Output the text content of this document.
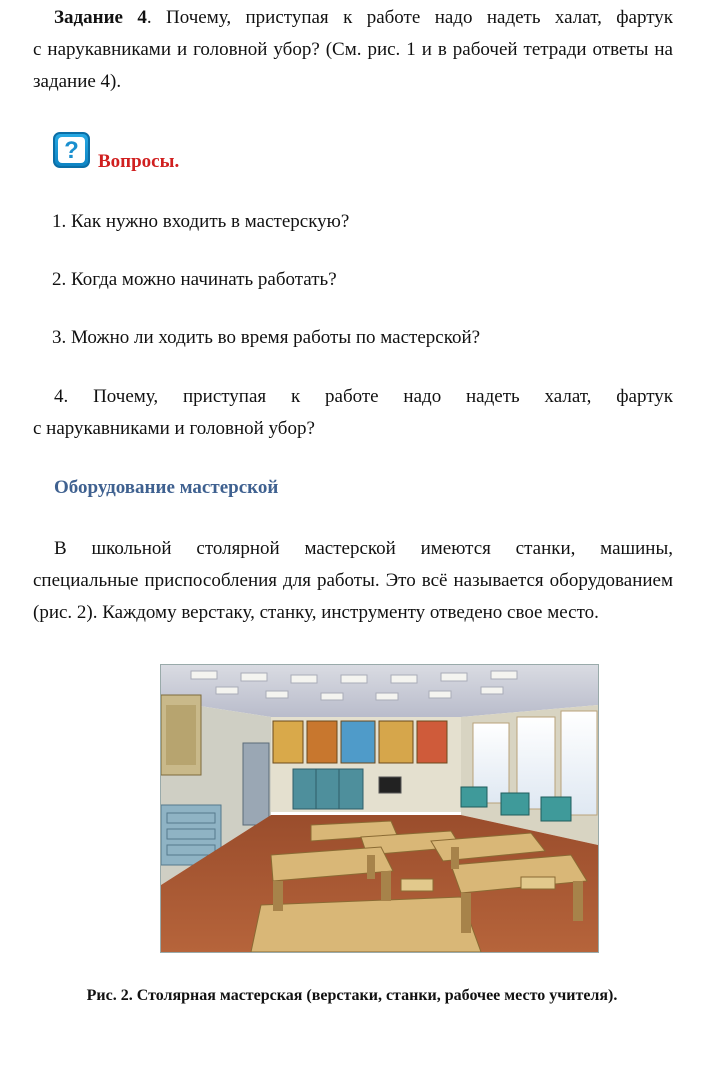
Задание 4. Почему, приступая к работе надо надеть халат, фартук
с нарукавниками и головной убор? (См. рис. 1 и в рабочей тетради ответы на
задание 4).
?	Вопросы.
1. Как нужно входить в мастерскую?
2. Когда можно начинать работать?
3. Можно ли ходить во время работы по мастерской?
4. Почему, приступая к работе надо надеть халат, фартук
с нарукавниками и головной убор?
Оборудование мастерской
В школьной столярной мастерской имеются станки, машины,
специальные приспособления для работы. Это всё называется оборудованием
(рис. 2). Каждому верстаку, станку, инструменту отведено свое место.
Рис. 2. Столярная мастерская (верстаки, станки, рабочее место учителя).
